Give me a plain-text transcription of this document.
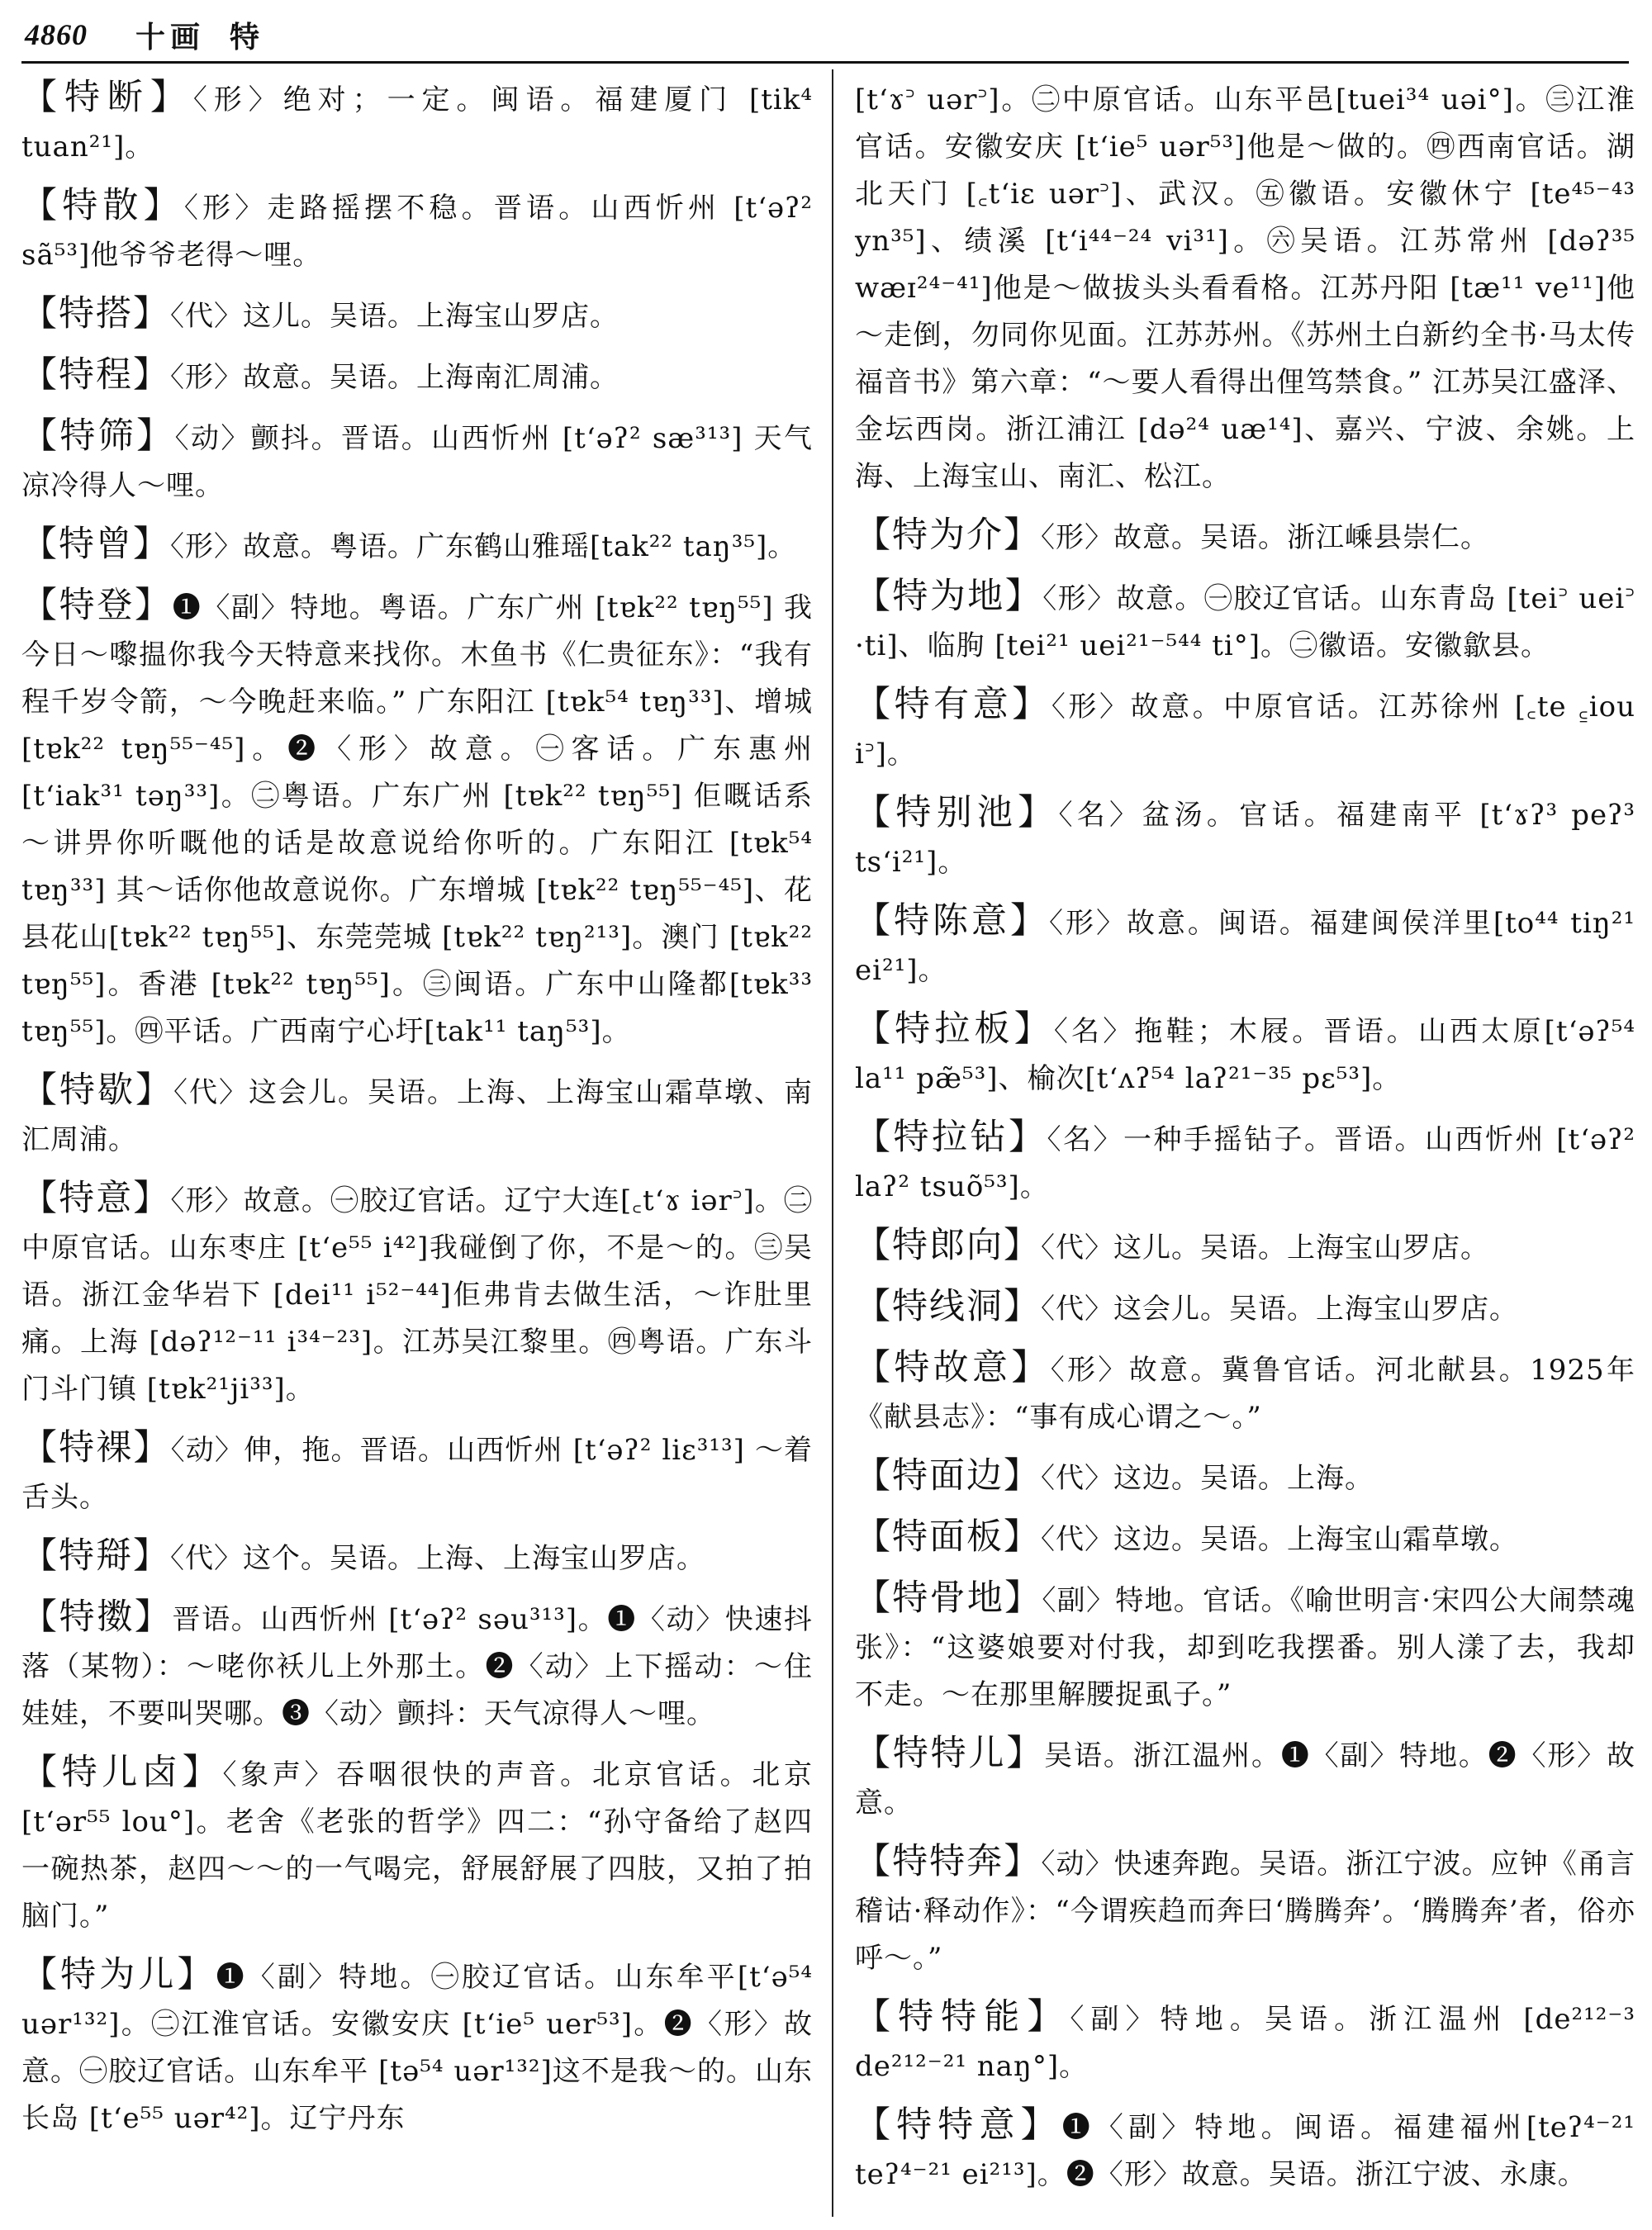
4860 十画 特

【特断】〈形〉绝对；一定。闽语。福建厦门 [tik⁴ tuan²¹]。

【特散】〈形〉走路摇摆不稳。晋语。山西忻州 [t‘əʔ² sã⁵³]他爷爷老得～哩。

【特搭】〈代〉这儿。吴语。上海宝山罗店。

【特程】〈形〉故意。吴语。上海南汇周浦。

【特筛】〈动〉颤抖。晋语。山西忻州 [t‘əʔ² sæ³¹³] 天气凉冷得人～哩。

【特曾】〈形〉故意。粤语。广东鹤山雅瑶[tak²² taŋ³⁵]。

【特登】❶〈副〉特地。粤语。广东广州 [tɐk²² tɐŋ⁵⁵] 我今日～嚟揾你我今天特意来找你。木鱼书《仁贵征东》：“我有程千岁令箭，～今晚赶来临。” 广东阳江 [tɐk⁵⁴ tɐŋ³³]、增城 [tɐk²² tɐŋ⁵⁵⁻⁴⁵]。❷〈形〉故意。㊀客话。广东惠州 [t‘iak³¹ təŋ³³]。㊁粤语。广东广州 [tɐk²² tɐŋ⁵⁵] 佢嘅话系～讲畀你听嘅他的话是故意说给你听的。广东阳江 [tɐk⁵⁴ tɐŋ³³] 其～话你他故意说你。广东增城 [tɐk²² tɐŋ⁵⁵⁻⁴⁵]、花县花山[tɐk²² tɐŋ⁵⁵]、东莞莞城 [tɐk²² tɐŋ²¹³]。澳门 [tɐk²² tɐŋ⁵⁵]。香港 [tɐk²² tɐŋ⁵⁵]。㊂闽语。广东中山隆都[tɐk³³ tɐŋ⁵⁵]。㊃平话。广西南宁心圩[tak¹¹ taŋ⁵³]。

【特歇】〈代〉这会儿。吴语。上海、上海宝山霜草墩、南汇周浦。

【特意】〈形〉故意。㊀胶辽官话。辽宁大连[꜀t‘ɤ iər꜄]。㊁中原官话。山东枣庄 [t‘e⁵⁵ i⁴²]我碰倒了你，不是～的。㊂吴语。浙江金华岩下 [dei¹¹ i⁵²⁻⁴⁴]佢弗肯去做生活，～诈肚里痛。上海 [dəʔ¹²⁻¹¹ i³⁴⁻²³]。江苏吴江黎里。㊃粤语。广东斗门斗门镇 [tɐk²¹ji³³]。

【特裸】〈动〉伸，拖。晋语。山西忻州 [t‘əʔ² liɛ³¹³] ～着舌头。

【特搿】〈代〉这个。吴语。上海、上海宝山罗店。

【特擞】晋语。山西忻州 [t‘əʔ² səu³¹³]。❶〈动〉快速抖落（某物）：～咾你袄儿上外那土。❷〈动〉上下摇动：～住娃娃，不要叫哭哪。❸〈动〉颤抖：天气凉得人～哩。

【特儿卤】〈象声〉吞咽很快的声音。北京官话。北京 [t‘ər⁵⁵ lou°]。老舍《老张的哲学》四二：“孙守备给了赵四一碗热茶，赵四～～的一气喝完，舒展舒展了四肢，又拍了拍脑门。”

【特为儿】❶〈副〉特地。㊀胶辽官话。山东牟平[t‘ə⁵⁴ uər¹³²]。㊁江淮官话。安徽安庆 [t‘ie⁵ uer⁵³]。❷〈形〉故意。㊀胶辽官话。山东牟平 [tə⁵⁴ uər¹³²]这不是我～的。山东长岛 [t‘e⁵⁵ uər⁴²]。辽宁丹东

[t‘ɤ꜄ uər꜄]。㊁中原官话。山东平邑[tuei³⁴ uəi°]。㊂江淮官话。安徽安庆 [t‘ie⁵ uər⁵³]他是～做的。㊃西南官话。湖北天门 [꜀t‘iɛ uər꜄]、武汉。㊄徽语。安徽休宁 [te⁴⁵⁻⁴³ yn³⁵]、绩溪 [t‘i⁴⁴⁻²⁴ vi³¹]。㊅吴语。江苏常州 [dəʔ³⁵ wæɪ²⁴⁻⁴¹]他是～做拔头头看看格。江苏丹阳 [tæ¹¹ ve¹¹]他～走倒，勿同你见面。江苏苏州。《苏州土白新约全书·马太传福音书》第六章：“～要人看得出俚笃禁食。” 江苏吴江盛泽、金坛西岗。浙江浦江 [də²⁴ uæ¹⁴]、嘉兴、宁波、余姚。上海、上海宝山、南汇、松江。

【特为介】〈形〉故意。吴语。浙江嵊县崇仁。

【特为地】〈形〉故意。㊀胶辽官话。山东青岛 [tei꜄ uei꜄ ·ti]、临朐 [tei²¹ uei²¹⁻⁵⁴⁴ ti°]。㊁徽语。安徽歙县。

【特有意】〈形〉故意。中原官话。江苏徐州 [꜀te ꜁iou i꜄]。

【特别池】〈名〉盆汤。官话。福建南平 [t‘ɤʔ³ peʔ³ ts‘i²¹]。

【特陈意】〈形〉故意。闽语。福建闽侯洋里[to⁴⁴ tiŋ²¹ ei²¹]。

【特拉板】〈名〉拖鞋；木屐。晋语。山西太原[t‘əʔ⁵⁴ la¹¹ pæ̃⁵³]、榆次[t‘ʌʔ⁵⁴ laʔ²¹⁻³⁵ pɛ⁵³]。

【特拉钻】〈名〉一种手摇钻子。晋语。山西忻州 [t‘əʔ² laʔ² tsuõ⁵³]。

【特郎向】〈代〉这儿。吴语。上海宝山罗店。

【特线洞】〈代〉这会儿。吴语。上海宝山罗店。

【特故意】〈形〉故意。冀鲁官话。河北献县。1925年《献县志》：“事有成心谓之～。”

【特面边】〈代〉这边。吴语。上海。

【特面板】〈代〉这边。吴语。上海宝山霜草墩。

【特骨地】〈副〉特地。官话。《喻世明言·宋四公大闹禁魂张》：“这婆娘要对付我，却到吃我摆番。别人漾了去，我却不走。～在那里解腰捉虱子。”

【特特儿】吴语。浙江温州。❶〈副〉特地。❷〈形〉故意。

【特特奔】〈动〉快速奔跑。吴语。浙江宁波。应钟《甬言稽诂·释动作》：“今谓疾趋而奔曰‘腾腾奔’。‘腾腾奔’者，俗亦呼～。”

【特特能】〈副〉特地。吴语。浙江温州 [de²¹²⁻³ de²¹²⁻²¹ naŋ°]。

【特特意】❶〈副〉特地。闽语。福建福州[teʔ⁴⁻²¹ teʔ⁴⁻²¹ ei²¹³]。❷〈形〉故意。吴语。浙江宁波、永康。
